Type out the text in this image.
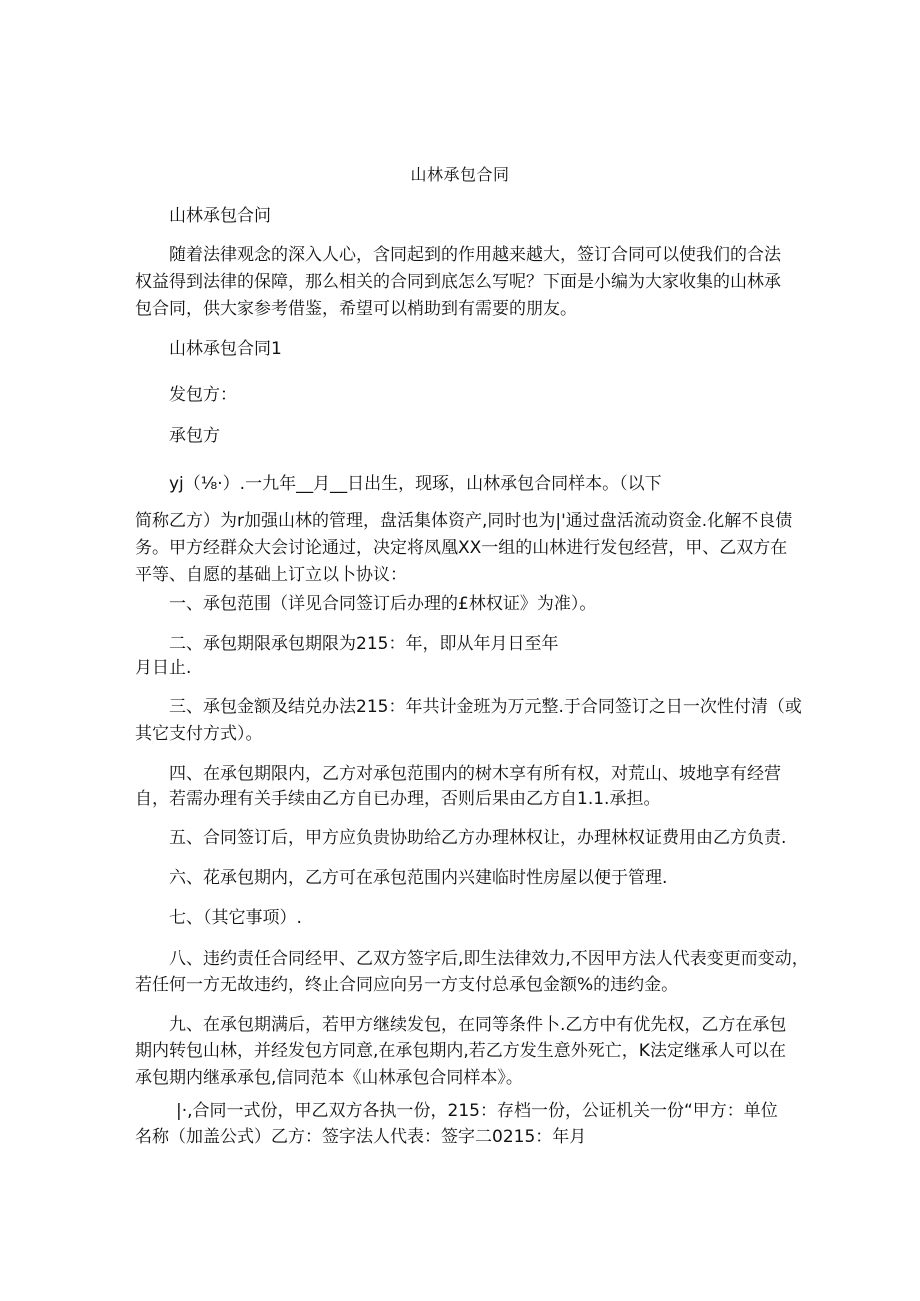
山林承包合同
山林承包合问

随着法律观念的深入人心，含同起到的作用越来越大，签订合同可以使我们的合法

权益得到法律的保障，那么相关的合同到底怎么写呢？下面是小编为大家收集的山林承

包合同，供大家参考借鉴，希望可以梢助到有需要的朋友。

山林承包合同1
发包方：
承包方
yj（⅛·）.一九年__月__日出生，现琢，山林承包合同样本。（以下

简称乙方）为r加强山林的管理，盘活集体资产,同时也为|'通过盘活流动资金.化解不良债

务。甲方经群众大会讨论通过，决定将凤凰XX一组的山林进行发包经营，甲、乙双方在

平等、自愿的基础上订立以卜协议：

一、承包范围（详见合同签订后办理的£林权证》为准）。
二、承包期限承包期限为215：年，即从年月日至年
月日止.

三、承包金额及结兑办法215：年共计金班为万元整.于合同签订之日一次性付清（或

其它支付方式）。

四、在承包期限内，乙方对承包范围内的树木享有所有权，对荒山、坡地享有经营

自，若需办理有关手续由乙方自已办理，否则后果由乙方自1.1.承担。

五、合同签订后，甲方应负贵协助给乙方办理林权让，办理林权证费用由乙方负责.
六、花承包期内，乙方可在承包范围内兴建临时性房屋以便于管理.
七、（其它事项）.

八、违约责任合同经甲、乙双方签字后,即生法律效力,不因甲方法人代表变更而变动，

若任何一方无故违约，终止合同应向另一方支付总承包金额%的违约金。

九、在承包期满后，若甲方继续发包，在同等条件卜.乙方中有优先权，乙方在承包

期内转包山林，并经发包方同意,在承包期内,若乙方发生意外死亡，K法定继承人可以在

承包期内继承承包,信同范本《山林承包合同样本》。

|·,合同一式份，甲乙双方各执一份，215：存档一份，公证机关一份“甲方：单位

名称（加盖公式）乙方：签字法人代表：签字二0215：年月
